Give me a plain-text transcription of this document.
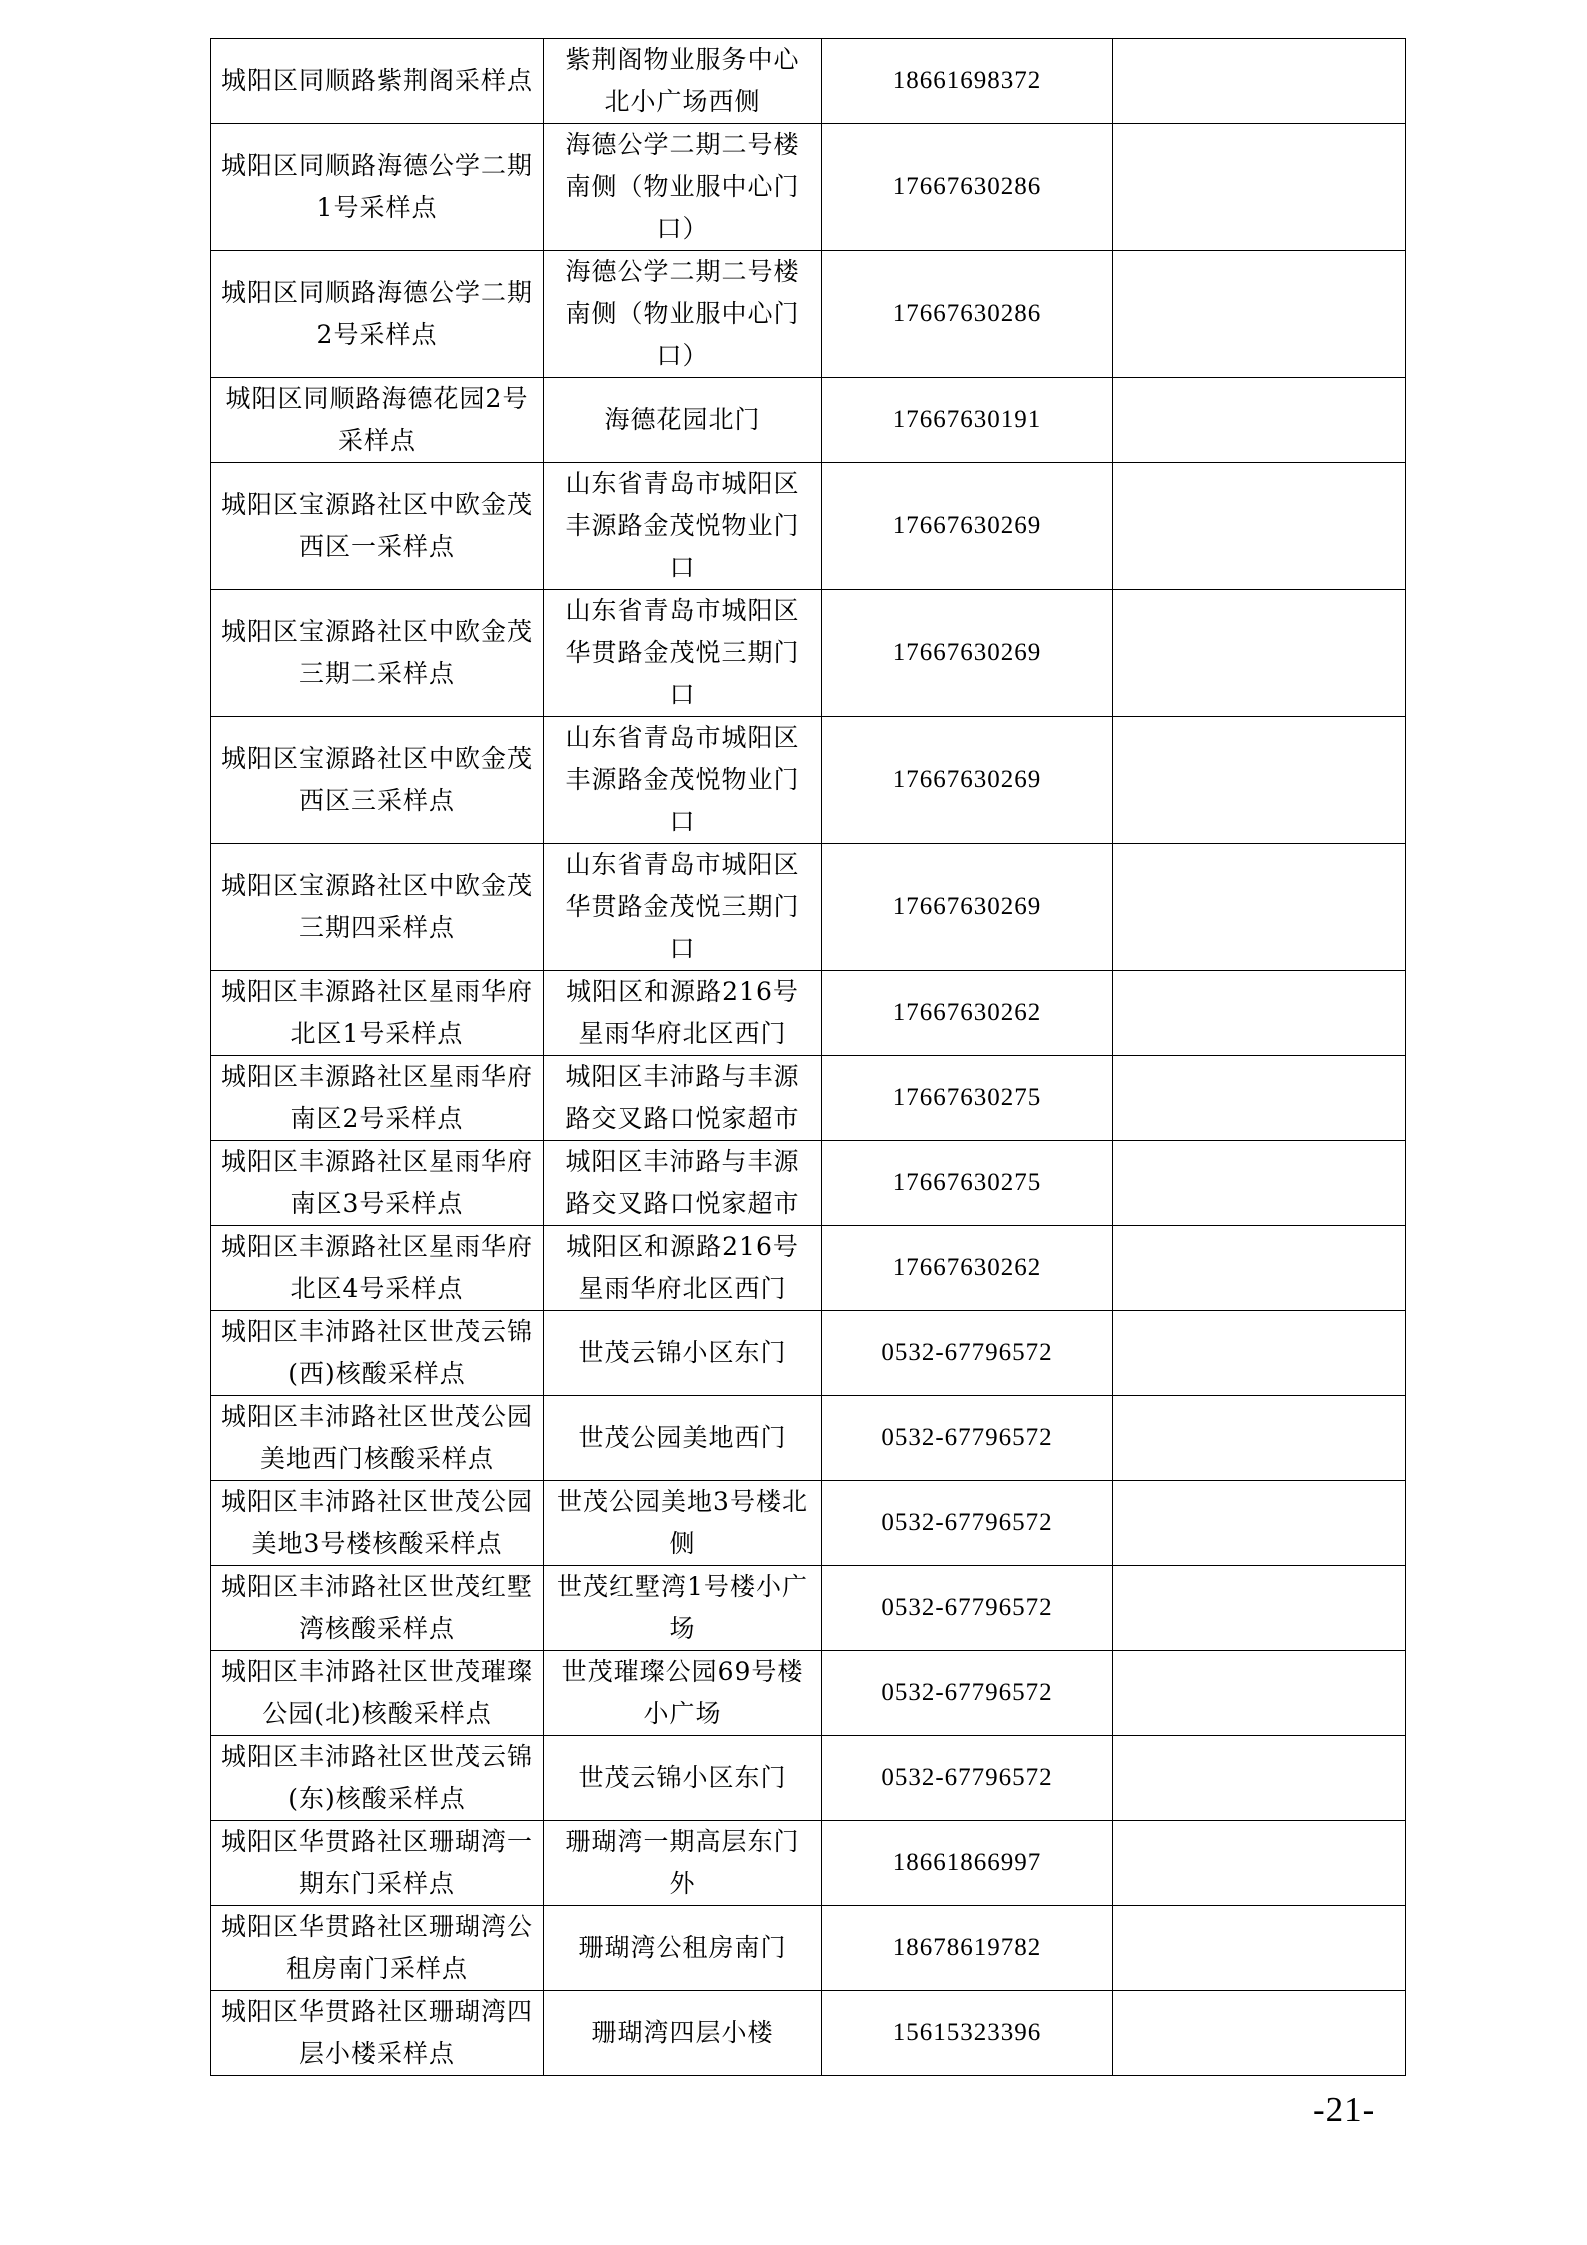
城阳区同顺路紫荆阁采样点	紫荆阁物业服务中心北小广场西侧	18661698372	
城阳区同顺路海德公学二期1号采样点	海德公学二期二号楼南侧（物业服中心门口）	17667630286	
城阳区同顺路海德公学二期2号采样点	海德公学二期二号楼南侧（物业服中心门口）	17667630286	
城阳区同顺路海德花园2号采样点	海德花园北门	17667630191	
城阳区宝源路社区中欧金茂西区一采样点	山东省青岛市城阳区丰源路金茂悦物业门口	17667630269	
城阳区宝源路社区中欧金茂三期二采样点	山东省青岛市城阳区华贯路金茂悦三期门口	17667630269	
城阳区宝源路社区中欧金茂西区三采样点	山东省青岛市城阳区丰源路金茂悦物业门口	17667630269	
城阳区宝源路社区中欧金茂三期四采样点	山东省青岛市城阳区华贯路金茂悦三期门口	17667630269	
城阳区丰源路社区星雨华府北区1号采样点	城阳区和源路216号星雨华府北区西门	17667630262	
城阳区丰源路社区星雨华府南区2号采样点	城阳区丰沛路与丰源路交叉路口悦家超市	17667630275	
城阳区丰源路社区星雨华府南区3号采样点	城阳区丰沛路与丰源路交叉路口悦家超市	17667630275	
城阳区丰源路社区星雨华府北区4号采样点	城阳区和源路216号星雨华府北区西门	17667630262	
城阳区丰沛路社区世茂云锦(西)核酸采样点	世茂云锦小区东门	0532-67796572	
城阳区丰沛路社区世茂公园美地西门核酸采样点	世茂公园美地西门	0532-67796572	
城阳区丰沛路社区世茂公园美地3号楼核酸采样点	世茂公园美地3号楼北侧	0532-67796572	
城阳区丰沛路社区世茂红墅湾核酸采样点	世茂红墅湾1号楼小广场	0532-67796572	
城阳区丰沛路社区世茂璀璨公园(北)核酸采样点	世茂璀璨公园69号楼小广场	0532-67796572	
城阳区丰沛路社区世茂云锦(东)核酸采样点	世茂云锦小区东门	0532-67796572	
城阳区华贯路社区珊瑚湾一期东门采样点	珊瑚湾一期高层东门外	18661866997	
城阳区华贯路社区珊瑚湾公租房南门采样点	珊瑚湾公租房南门	18678619782	
城阳区华贯路社区珊瑚湾四层小楼采样点	珊瑚湾四层小楼	15615323396	
-21-
